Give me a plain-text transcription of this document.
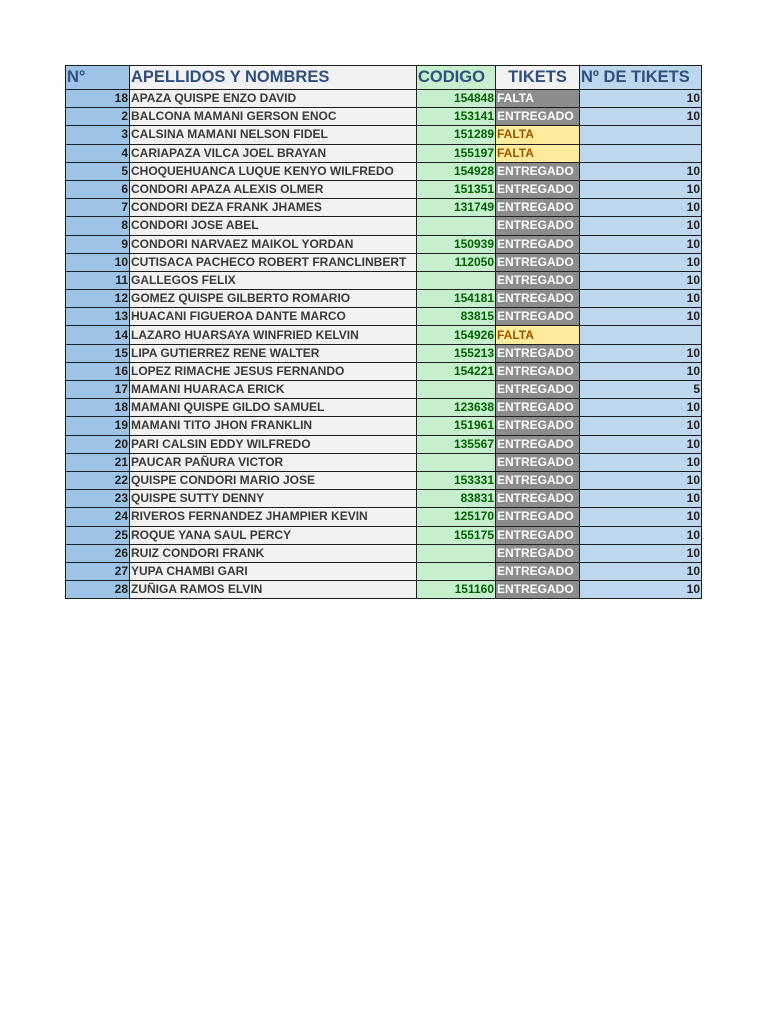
N°	APELLIDOS Y NOMBRES	CODIGO	TIKETS	Nº DE TIKETS
18	APAZA QUISPE ENZO DAVID	154848	FALTA	10
2	BALCONA MAMANI GERSON ENOC	153141	ENTREGADO	10
3	CALSINA MAMANI NELSON FIDEL	151289	FALTA	
4	CARIAPAZA VILCA JOEL BRAYAN	155197	FALTA	
5	CHOQUEHUANCA LUQUE KENYO WILFREDO	154928	ENTREGADO	10
6	CONDORI APAZA ALEXIS OLMER	151351	ENTREGADO	10
7	CONDORI DEZA FRANK JHAMES	131749	ENTREGADO	10
8	CONDORI JOSE ABEL		ENTREGADO	10
9	CONDORI NARVAEZ MAIKOL YORDAN	150939	ENTREGADO	10
10	CUTISACA PACHECO ROBERT FRANCLINBERT	112050	ENTREGADO	10
11	GALLEGOS FELIX		ENTREGADO	10
12	GOMEZ QUISPE GILBERTO ROMARIO	154181	ENTREGADO	10
13	HUACANI FIGUEROA DANTE MARCO	83815	ENTREGADO	10
14	LAZARO HUARSAYA WINFRIED KELVIN	154926	FALTA	
15	LIPA GUTIERREZ RENE WALTER	155213	ENTREGADO	10
16	LOPEZ RIMACHE JESUS FERNANDO	154221	ENTREGADO	10
17	MAMANI HUARACA ERICK		ENTREGADO	5
18	MAMANI QUISPE GILDO SAMUEL	123638	ENTREGADO	10
19	MAMANI TITO JHON FRANKLIN	151961	ENTREGADO	10
20	PARI CALSIN EDDY WILFREDO	135567	ENTREGADO	10
21	PAUCAR PAÑURA VICTOR		ENTREGADO	10
22	QUISPE CONDORI MARIO JOSE	153331	ENTREGADO	10
23	QUISPE SUTTY DENNY	83831	ENTREGADO	10
24	RIVEROS FERNANDEZ JHAMPIER KEVIN	125170	ENTREGADO	10
25	ROQUE YANA SAUL PERCY	155175	ENTREGADO	10
26	RUIZ CONDORI FRANK		ENTREGADO	10
27	YUPA CHAMBI GARI		ENTREGADO	10
28	ZUÑIGA RAMOS ELVIN	151160	ENTREGADO	10
